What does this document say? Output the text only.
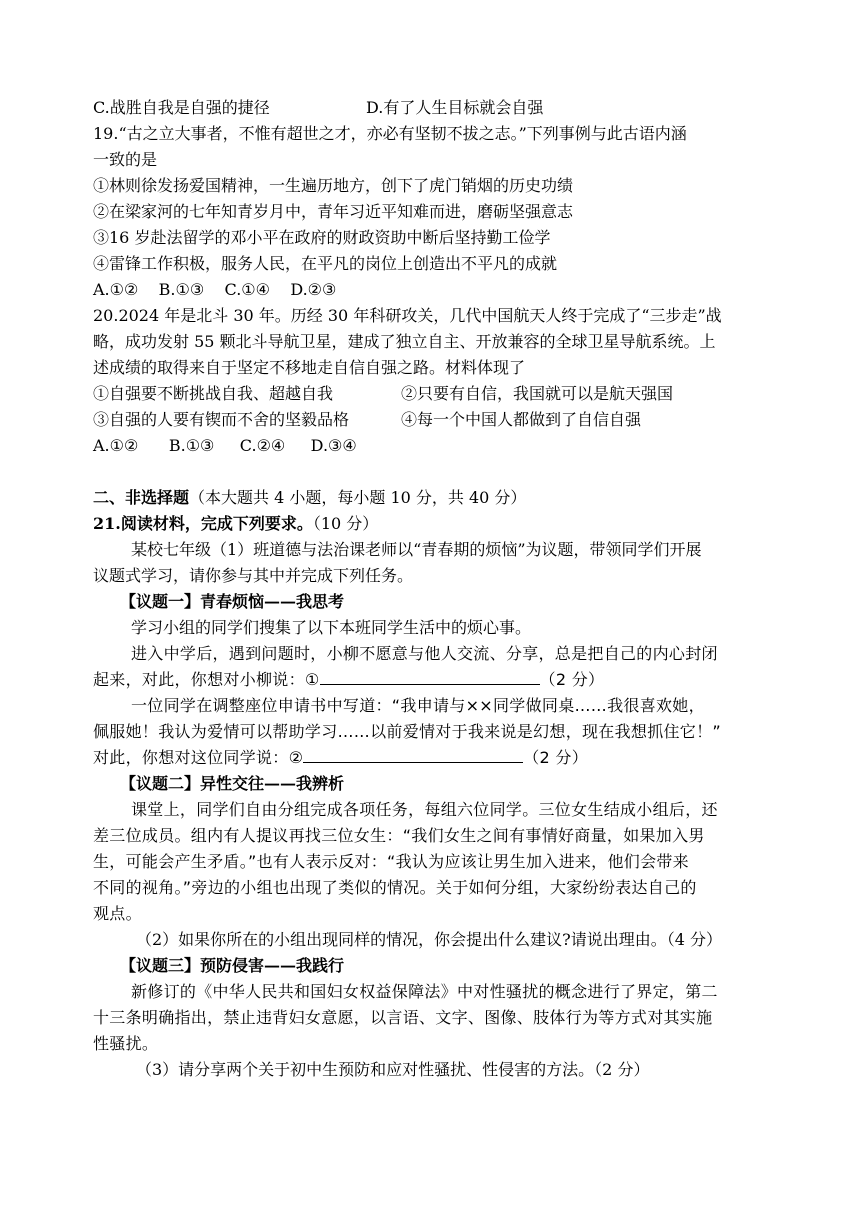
C.战胜自我是自强的捷径	D.有了人生目标就会自强
19.“古之立大事者，不惟有超世之才，亦必有坚韧不拔之志。”下列事例与此古语内涵
一致的是
①林则徐发扬爱国精神，一生遍历地方，创下了虎门销烟的历史功绩
②在梁家河的七年知青岁月中，青年习近平知难而进，磨砺坚强意志
③16 岁赴法留学的邓小平在政府的财政资助中断后坚持勤工俭学
④雷锋工作积极，服务人民，在平凡的岗位上创造出不平凡的成就
A.①②    B.①③    C.①④    D.②③
20.2024 年是北斗 30 年。历经 30 年科研攻关，几代中国航天人终于完成了“三步走”战
略，成功发射 55 颗北斗导航卫星，建成了独立自主、开放兼容的全球卫星导航系统。上
述成绩的取得来自于坚定不移地走自信自强之路。材料体现了
①自强要不断挑战自我、超越自我	②只要有自信，我国就可以是航天强国
③自强的人要有锲而不舍的坚毅品格	④每一个中国人都做到了自信自强
A.①②      B.①③     C.②④     D.③④
二、非选择题（本大题共 4 小题，每小题 10 分，共 40 分）
21.阅读材料，完成下列要求。（10 分）
某校七年级（1）班道德与法治课老师以“青春期的烦恼”为议题，带领同学们开展
议题式学习，请你参与其中并完成下列任务。
【议题一】青春烦恼——我思考
学习小组的同学们搜集了以下本班同学生活中的烦心事。
进入中学后，遇到问题时，小柳不愿意与他人交流、分享，总是把自己的内心封闭
起来，对此，你想对小柳说：①	（2 分）
一位同学在调整座位申请书中写道：“我申请与××同学做同桌……我很喜欢她，
佩服她！我认为爱情可以帮助学习……以前爱情对于我来说是幻想，现在我想抓住它！”
对此，你想对这位同学说：②	（2 分）
【议题二】异性交往——我辨析
课堂上，同学们自由分组完成各项任务，每组六位同学。三位女生结成小组后，还
差三位成员。组内有人提议再找三位女生：“我们女生之间有事情好商量，如果加入男
生，可能会产生矛盾。”也有人表示反对：“我认为应该让男生加入进来，他们会带来
不同的视角。”旁边的小组也出现了类似的情况。关于如何分组，大家纷纷表达自己的
观点。
（2）如果你所在的小组出现同样的情况，你会提出什么建议?请说出理由。（4 分）
【议题三】预防侵害——我践行
新修订的《中华人民共和国妇女权益保障法》中对性骚扰的概念进行了界定，第二
十三条明确指出，禁止违背妇女意愿，以言语、文字、图像、肢体行为等方式对其实施
性骚扰。
（3）请分享两个关于初中生预防和应对性骚扰、性侵害的方法。（2 分）
